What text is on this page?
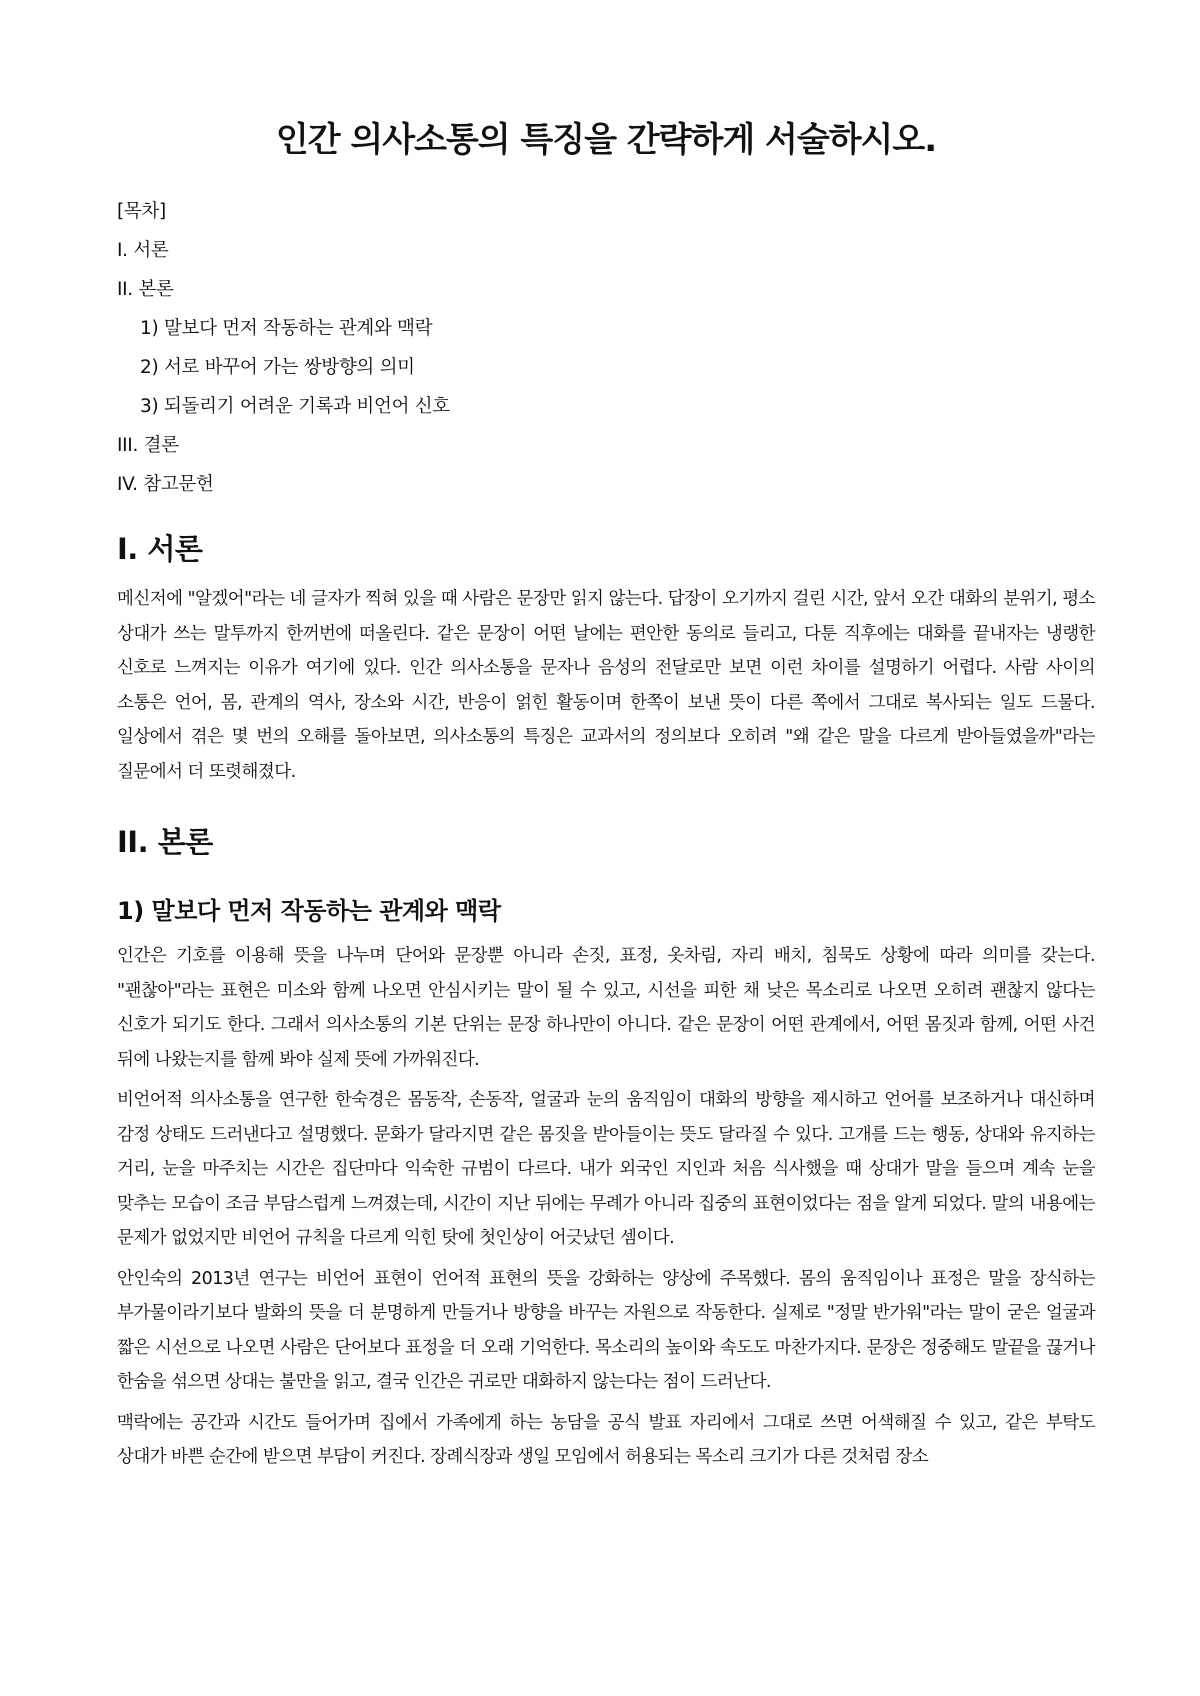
인간 의사소통의 특징을 간략하게 서술하시오.
[목차]
I. 서론
II. 본론
1) 말보다 먼저 작동하는 관계와 맥락
2) 서로 바꾸어 가는 쌍방향의 의미
3) 되돌리기 어려운 기록과 비언어 신호
III. 결론
IV. 참고문헌
I. 서론

메신저에 "알겠어"라는 네 글자가 찍혀 있을 때 사람은 문장만 읽지 않는다. 답장이 오기까지 걸린 시간, 앞서 오간 대화의 분위기, 평소 상대가 쓰는 말투까지 한꺼번에 떠올린다. 같은 문장이 어떤 날에는 편안한 동의로 들리고, 다툰 직후에는 대화를 끝내자는 냉랭한 신호로 느껴지는 이유가 여기에 있다. 인간 의사소통을 문자나 음성의 전달로만 보면 이런 차이를 설명하기 어렵다. 사람 사이의 소통은 언어, 몸, 관계의 역사, 장소와 시간, 반응이 얽힌 활동이며 한쪽이 보낸 뜻이 다른 쪽에서 그대로 복사되는 일도 드물다. 일상에서 겪은 몇 번의 오해를 돌아보면, 의사소통의 특징은 교과서의 정의보다 오히려 "왜 같은 말을 다르게 받아들였을까"라는 질문에서 더 또렷해졌다.

II. 본론
1) 말보다 먼저 작동하는 관계와 맥락

인간은 기호를 이용해 뜻을 나누며 단어와 문장뿐 아니라 손짓, 표정, 옷차림, 자리 배치, 침묵도 상황에 따라 의미를 갖는다. "괜찮아"라는 표현은 미소와 함께 나오면 안심시키는 말이 될 수 있고, 시선을 피한 채 낮은 목소리로 나오면 오히려 괜찮지 않다는 신호가 되기도 한다. 그래서 의사소통의 기본 단위는 문장 하나만이 아니다. 같은 문장이 어떤 관계에서, 어떤 몸짓과 함께, 어떤 사건 뒤에 나왔는지를 함께 봐야 실제 뜻에 가까워진다.

비언어적 의사소통을 연구한 한숙경은 몸동작, 손동작, 얼굴과 눈의 움직임이 대화의 방향을 제시하고 언어를 보조하거나 대신하며 감정 상태도 드러낸다고 설명했다. 문화가 달라지면 같은 몸짓을 받아들이는 뜻도 달라질 수 있다. 고개를 드는 행동, 상대와 유지하는 거리, 눈을 마주치는 시간은 집단마다 익숙한 규범이 다르다. 내가 외국인 지인과 처음 식사했을 때 상대가 말을 들으며 계속 눈을 맞추는 모습이 조금 부담스럽게 느껴졌는데, 시간이 지난 뒤에는 무례가 아니라 집중의 표현이었다는 점을 알게 되었다. 말의 내용에는 문제가 없었지만 비언어 규칙을 다르게 익힌 탓에 첫인상이 어긋났던 셈이다.

안인숙의 2013년 연구는 비언어 표현이 언어적 표현의 뜻을 강화하는 양상에 주목했다. 몸의 움직임이나 표정은 말을 장식하는 부가물이라기보다 발화의 뜻을 더 분명하게 만들거나 방향을 바꾸는 자원으로 작동한다. 실제로 "정말 반가워"라는 말이 굳은 얼굴과 짧은 시선으로 나오면 사람은 단어보다 표정을 더 오래 기억한다. 목소리의 높이와 속도도 마찬가지다. 문장은 정중해도 말끝을 끊거나 한숨을 섞으면 상대는 불만을 읽고, 결국 인간은 귀로만 대화하지 않는다는 점이 드러난다.

맥락에는 공간과 시간도 들어가며 집에서 가족에게 하는 농담을 공식 발표 자리에서 그대로 쓰면 어색해질 수 있고, 같은 부탁도 상대가 바쁜 순간에 받으면 부담이 커진다. 장례식장과 생일 모임에서 허용되는 목소리 크기가 다른 것처럼 장소
